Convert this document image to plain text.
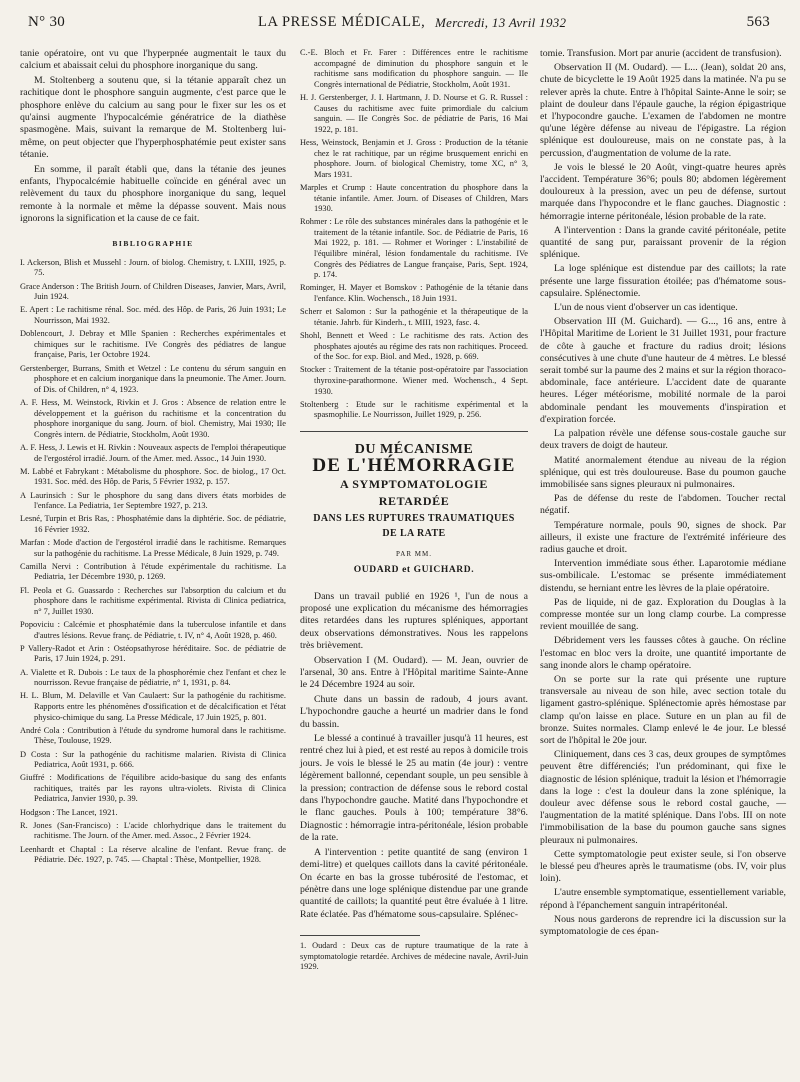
N° 30	LA PRESSE MÉDICALE, Mercredi, 13 Avril 1932	563

tanie opératoire, ont vu que l'hyperpnée augmentait le taux du calcium et abaissait celui du phosphore inorganique du sang.

M. Stoltenberg a soutenu que, si la tétanie apparaît chez un rachitique dont le phosphore sanguin augmente, c'est parce que le phosphore enlève du calcium au sang pour le fixer sur les os et qu'ainsi augmente l'hypocalcémie génératrice de la diathèse spasmogène. Mais, suivant la remarque de M. Stoltenberg lui-même, on peut objecter que l'hyperphosphatémie peut exister sans tétanie.

En somme, il paraît établi que, dans la tétanie des jeunes enfants, l'hypocalcémie habituelle coïncide en général avec un relèvement du taux du phosphore inorganique du sang, lequel remonte à la normale et même la dépasse souvent. Mais nous ignorons la signification et la cause de ce fait.

BIBLIOGRAPHIE

I. Ackerson, Blish et Mussehl : Journ. of biolog. Chemistry, t. LXIII, 1925, p. 75.

Grace Anderson : The British Journ. of Children Diseases, Janvier, Mars, Avril, Juin 1924.

E. Apert : Le rachitisme rénal. Soc. méd. des Hôp. de Paris, 26 Juin 1931; Le Nourrisson, Mai 1932.

Doblencourt, J. Debray et Mlle Spanien : Recherches expérimentales et chimiques sur le rachitisme. IVe Congrès des pédiatres de langue française, Paris, 1er Octobre 1924.

Gerstenberger, Burrans, Smith et Wetzel : Le contenu du sérum sanguin en phosphore et en calcium inorganique dans la pneumonie. The Amer. Journ. of Dis. of Children, n° 4, 1923.

A. F. Hess, M. Weinstock, Rivkin et J. Gros : Absence de relation entre le développement et la guérison du rachitisme et la concentration du phosphore inorganique du sang. Journ. of biol. Chemistry, Mai 1930; IIe Congrès intern. de Pédiatrie, Stockholm, Août 1930.

A. F. Hess, J. Lewis et H. Rivkin : Nouveaux aspects de l'emploi thérapeutique de l'ergostérol irradié. Journ. of the Amer. med. Assoc., 14 Juin 1930.

M. Labbé et Fabrykant : Métabolisme du phosphore. Soc. de biolog., 17 Oct. 1931. Soc. méd. des Hôp. de Paris, 5 Février 1932, p. 157.

A Laurinsich : Sur le phosphore du sang dans divers états morbides de l'enfance. La Pediatria, 1er Septembre 1927, p. 213.

Lesné, Turpin et Bris Ras, : Phosphatémie dans la diphtérie. Soc. de pédiatrie, 16 Février 1932.

Marfan : Mode d'action de l'ergostérol irradié dans le rachitisme. Remarques sur la pathogénie du rachitisme. La Presse Médicale, 8 Juin 1929, p. 749.

Camilla Nervi : Contribution à l'étude expérimentale du rachitisme. La Pediatria, 1er Décembre 1930, p. 1269.

Fl. Peola et G. Guassardo : Recherches sur l'absorption du calcium et du phosphore dans le rachitisme expérimental. Rivista di Clinica pediatrica, n° 7, Juillet 1930.

Popoviciu : Calcémie et phosphatémie dans la tuberculose infantile et dans d'autres lésions. Revue franç. de Pédiatrie, t. IV, n° 4, Août 1928, p. 460.

P Vallery-Radot et Arin : Ostéopsathyrose héréditaire. Soc. de pédiatrie de Paris, 17 Juin 1924, p. 291.

A. Vialette et R. Dubois : Le taux de la phosphorémie chez l'enfant et chez le nourrisson. Revue française de pédiatrie, n° 1, 1931, p. 84.

H. L. Blum, M. Delaville et Van Caulaert: Sur la pathogénie du rachitisme. Rapports entre les phénomènes d'ossification et de décalcification et l'état physico-chimique du sang. La Presse Médicale, 17 Juin 1925, p. 801.

André Cola : Contribution à l'étude du syndrome humoral dans le rachitisme. Thèse, Toulouse, 1929.

D Costa : Sur la pathogénie du rachitisme malarien. Rivista di Clinica Pediatrica, Août 1931, p. 666.

Giuffré : Modifications de l'équilibre acido-basique du sang des enfants rachitiques, traités par les rayons ultra-violets. Rivista di Clinica Pediatrica, Janvier 1930, p. 39.

Hodgson : The Lancet, 1921.

R. Jones (San-Francisco) : L'acide chlorhydrique dans le traitement du rachitisme. The Journ. of the Amer. med. Assoc., 2 Février 1924.

Leenhardt et Chaptal : La réserve alcaline de l'enfant. Revue franç. de Pédiatrie. Déc. 1927, p. 745. — Chaptal : Thèse, Montpellier, 1928.

C.-E. Bloch et Fr. Farer : Différences entre le rachitisme accompagné de diminution du phosphore sanguin et le rachitisme sans modification du phosphore sanguin. — IIe Congrès international de Pédiatrie, Stockholm, Août 1931.

H. J. Gerstenberger, J. I. Hartmann, J. D. Nourse et G. R. Russel : Causes du rachitisme avec fuite primordiale du calcium sanguin. — IIe Congrès Soc. de pédiatrie de Paris, 16 Mai 1922, p. 181.

Hess, Weinstock, Benjamin et J. Gross : Production de la tétanie chez le rat rachitique, par un régime brusquement enrichi en phosphore. Journ. of biological Chemistry, tome XC, n° 3, Mars 1931.

Marples et Crump : Haute concentration du phosphore dans la tétanie infantile. Amer. Journ. of Diseases of Children, Mars 1930.

Rohmer : Le rôle des substances minérales dans la pathogénie et le traitement de la tétanie infantile. Soc. de Pédiatrie de Paris, 16 Mai 1922, p. 181. — Rohmer et Woringer : L'instabilité de l'équilibre minéral, lésion fondamentale du rachitisme. IVe Congrès des Pédiatres de Langue française, Paris, Sept. 1924, p. 174.

Rominger, H. Mayer et Bomskov : Pathogénie de la tétanie dans l'enfance. Klin. Wochensch., 18 Juin 1931.

Scherr et Salomon : Sur la pathogénie et la thérapeutique de la tétanie. Jahrb. für Kinderh., t. MIII, 1923, fasc. 4.

Shohl, Bennett et Weed : Le rachitisme des rats. Action des phosphates ajoutés au régime des rats non rachitiques. Proceed. of the Soc. for exp. Biol. and Med., 1928, p. 669.

Stocker : Traitement de la tétanie post-opératoire par l'association thyroxine-parathormone. Wiener med. Wochensch., 4 Sept. 1930.

Stoltenberg : Etude sur le rachitisme expérimental et la spasmophilie. Le Nourrisson, Juillet 1929, p. 256.

DU MÉCANISME

DE L'HÉMORRAGIE

A SYMPTOMATOLOGIE

RETARDÉE

DANS LES RUPTURES TRAUMATIQUES

DE LA RATE

PAR MM.

OUDARD et GUICHARD.

Dans un travail publié en 1926 ¹, l'un de nous a proposé une explication du mécanisme des hémorragies dites retardées dans les ruptures spléniques, apportant deux observations démonstratives. Nous les rappelons très brièvement.

Observation I (M. Oudard). — M. Jean, ouvrier de l'arsenal, 30 ans. Entre à l'Hôpital maritime Sainte-Anne le 24 Décembre 1924 au soir.

Chute dans un bassin de radoub, 4 jours avant. L'hypochondre gauche a heurté un madrier dans le fond du bassin.

Le blessé a continué à travailler jusqu'à 11 heures, est rentré chez lui à pied, et est resté au repos à domicile trois jours. Je vois le blessé le 25 au matin (4e jour) : ventre légèrement ballonné, cependant souple, un peu sensible à la pression; contraction de défense sous le rebord costal dans l'hypochondre gauche. Matité dans l'hypochondre et le flanc gauches. Pouls à 100; température 38°6. Diagnostic : hémorragie intra-péritonéale, lésion probable de la rate.

A l'intervention : petite quantité de sang (environ 1 demi-litre) et quelques caillots dans la cavité péritonéale. On écarte en bas la grosse tubérosité de l'estomac, et pénètre dans une loge splénique distendue par une grande quantité de caillots; la quantité peut être évaluée à 1 litre. Rate éclatée. Pas d'hématome sous-capsulaire. Splénec-

1. Oudard : Deux cas de rupture traumatique de la rate à symptomatologie retardée. Archives de médecine navale, Avril-Juin 1929.

tomie. Transfusion. Mort par anurie (accident de transfusion).

Observation II (M. Oudard). — L... (Jean), soldat 20 ans, chute de bicyclette le 19 Août 1925 dans la matinée. N'a pu se relever après la chute. Entre à l'hôpital Sainte-Anne le soir; se plaint de douleur dans l'épaule gauche, la région épigastrique et l'hypocondre gauche. L'examen de l'abdomen ne montre qu'une légère défense au niveau de l'épigastre. La région splénique est douloureuse, mais on ne constate pas, à la percussion, d'augmentation de volume de la rate.

Je vois le blessé le 20 Août, vingt-quatre heures après l'accident. Température 36°6; pouls 80; abdomen légèrement douloureux à la pression, avec un peu de défense, surtout marquée dans l'hypocondre et le flanc gauches. Diagnostic : hémorragie interne péritonéale, lésion probable de la rate.

A l'intervention : Dans la grande cavité péritonéale, petite quantité de sang pur, paraissant provenir de la région splénique.

La loge splénique est distendue par des caillots; la rate présente une large fissuration étoilée; pas d'hématome sous-capsulaire. Splénectomie.

L'un de nous vient d'observer un cas identique.

Observation III (M. Guichard). — G..., 16 ans, entre à l'Hôpital Maritime de Lorient le 31 Juillet 1931, pour fracture de côte à gauche et fracture du radius droit; lésions consécutives à une chute d'une hauteur de 4 mètres. Le blessé serait tombé sur la paume des 2 mains et sur la région thoraco-abdominale, face antérieure. L'accident date de quarante heures. Léger météorisme, mobilité normale de la paroi abdominale pendant les mouvements d'inspiration et d'expiration forcée.

La palpation révèle une défense sous-costale gauche sur deux travers de doigt de hauteur.

Matité anormalement étendue au niveau de la région splénique, qui est très douloureuse. Base du poumon gauche immobilisée sans signes pleuraux ni pulmonaires.

Pas de défense du reste de l'abdomen. Toucher rectal négatif.

Température normale, pouls 90, signes de shock. Par ailleurs, il existe une fracture de l'extrémité inférieure des radius gauche et droit.

Intervention immédiate sous éther. Laparotomie médiane sus-ombilicale. L'estomac se présente immédiatement distendu, se herniant entre les lèvres de la plaie opératoire.

Pas de liquide, ni de gaz. Exploration du Douglas à la compresse montée sur un long clamp courbe. La compresse revient mouillée de sang.

Débridement vers les fausses côtes à gauche. On récline l'estomac en bloc vers la droite, une quantité importante de sang inonde alors le champ opératoire.

On se porte sur la rate qui présente une rupture transversale au niveau de son hile, avec section totale du ligament gastro-splénique. Splénectomie après hémostase par clamp qu'on laisse en place. Suture en un plan au fil de bronze. Suites normales. Clamp enlevé le 4e jour. Le blessé sort de l'hôpital le 20e jour.

Cliniquement, dans ces 3 cas, deux groupes de symptômes peuvent être différenciés; l'un prédominant, qui fixe le diagnostic de lésion splénique, traduit la lésion et l'hémorragie dans la loge : c'est la douleur dans la zone splénique, la douleur avec défense sous le rebord costal gauche, — l'augmentation de la matité splénique. Dans l'obs. III on note l'immobilisation de la base du poumon gauche sans signes pleuraux ni pulmonaires.

Cette symptomatologie peut exister seule, si l'on observe le blessé peu d'heures après le traumatisme (obs. IV, voir plus loin).

L'autre ensemble symptomatique, essentiellement variable, répond à l'épanchement sanguin intrapéritonéal.

Nous nous garderons de reprendre ici la discussion sur la symptomatologie de ces épan-
